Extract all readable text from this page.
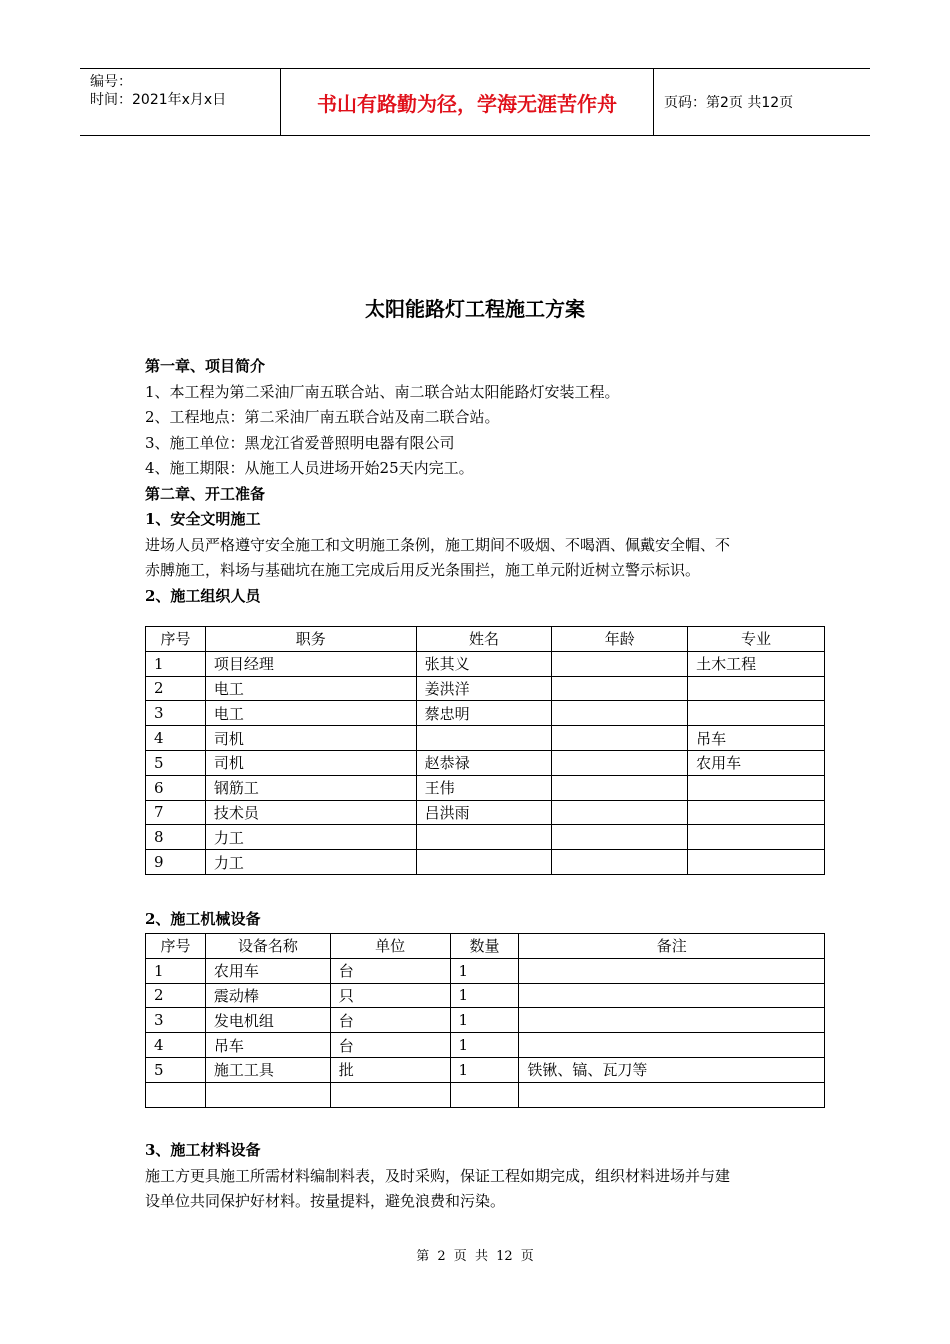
编号：
时间：2021年x月x日	书山有路勤为径，学海无涯苦作舟	页码：第2页 共12页
太阳能路灯工程施工方案

第一章、项目简介

1、本工程为第二采油厂南五联合站、南二联合站太阳能路灯安装工程。

2、工程地点：第二采油厂南五联合站及南二联合站。

3、施工单位：黑龙江省爱普照明电器有限公司

4、施工期限：从施工人员进场开始25天内完工。

第二章、开工准备

1、安全文明施工

进场人员严格遵守安全施工和文明施工条例，施工期间不吸烟、不喝酒、佩戴安全帽、不

赤膊施工，料场与基础坑在施工完成后用反光条围拦，施工单元附近树立警示标识。

2、施工组织人员

序号	职务	姓名	年龄	专业
1	项目经理	张其义		土木工程
2	电工	姜洪洋		
3	电工	蔡忠明		
4	司机			吊车
5	司机	赵恭禄		农用车
6	钢筋工	王伟		
7	技术员	吕洪雨		
8	力工			
9	力工			
2、施工机械设备
序号	设备名称	单位	数量	备注
1	农用车	台	1	
2	震动棒	只	1	
3	发电机组	台	1	
4	吊车	台	1	
5	施工工具	批	1	铁锹、镐、瓦刀等

3、施工材料设备

施工方更具施工所需材料编制料表，及时采购，保证工程如期完成，组织材料进场并与建

设单位共同保护好材料。按量提料，避免浪费和污染。

第 2 页 共 12 页
